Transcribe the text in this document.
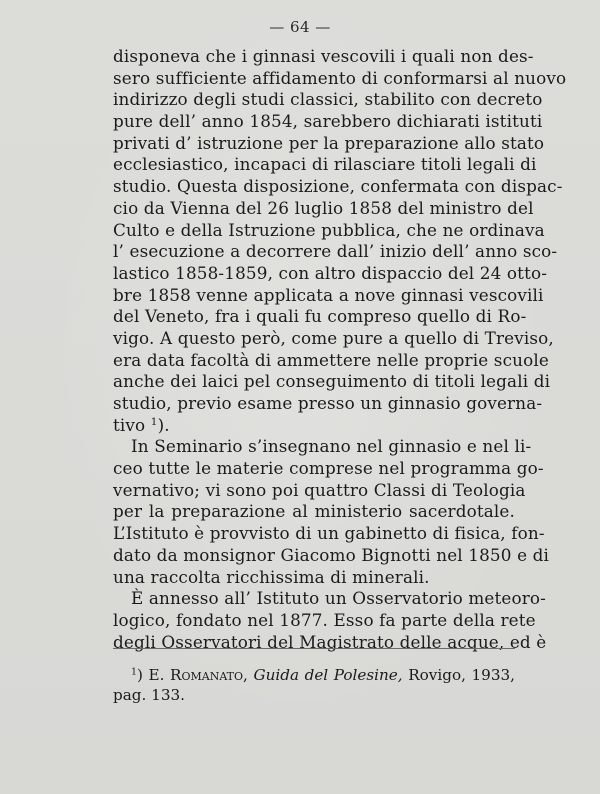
— 64 —
disponeva che i ginnasi vescovili i quali non des-
sero sufficiente affidamento di conformarsi al nuovo
indirizzo degli studi classici, stabilito con decreto
pure dell’ anno 1854, sarebbero dichiarati istituti
privati d’ istruzione per la preparazione allo stato
ecclesiastico, incapaci di rilasciare titoli legali di
studio. Questa disposizione, confermata con dispac-
cio da Vienna del 26 luglio 1858 del ministro del
Culto e della Istruzione pubblica, che ne ordinava
l’ esecuzione a decorrere dall’ inizio dell’ anno sco-
lastico 1858-1859, con altro dispaccio del 24 otto-
bre 1858 venne applicata a nove ginnasi vescovili
del Veneto, fra i quali fu compreso quello di Ro-
vigo. A questo però, come pure a quello di Treviso,
era data facoltà di ammettere nelle proprie scuole
anche dei laici pel conseguimento di titoli legali di
studio, previo esame presso un ginnasio governa-
tivo $^1$).
In Seminario s’insegnano nel ginnasio e nel li-
ceo tutte le materie comprese nel programma go-
vernativo; vi sono poi quattro Classi di Teologia
per la preparazione al ministerio sacerdotale.
L’Istituto è provvisto di un gabinetto di fisica, fon-
dato da monsignor Giacomo Bignotti nel 1850 e di
una raccolta ricchissima di minerali.
È annesso all’ Istituto un Osservatorio meteoro-
logico, fondato nel 1877. Esso fa parte della rete
degli Osservatori del Magistrato delle acque, ed è
$^1$) E. Romanato, Guida del Polesine, Rovigo, 1933,
pag. 133.
